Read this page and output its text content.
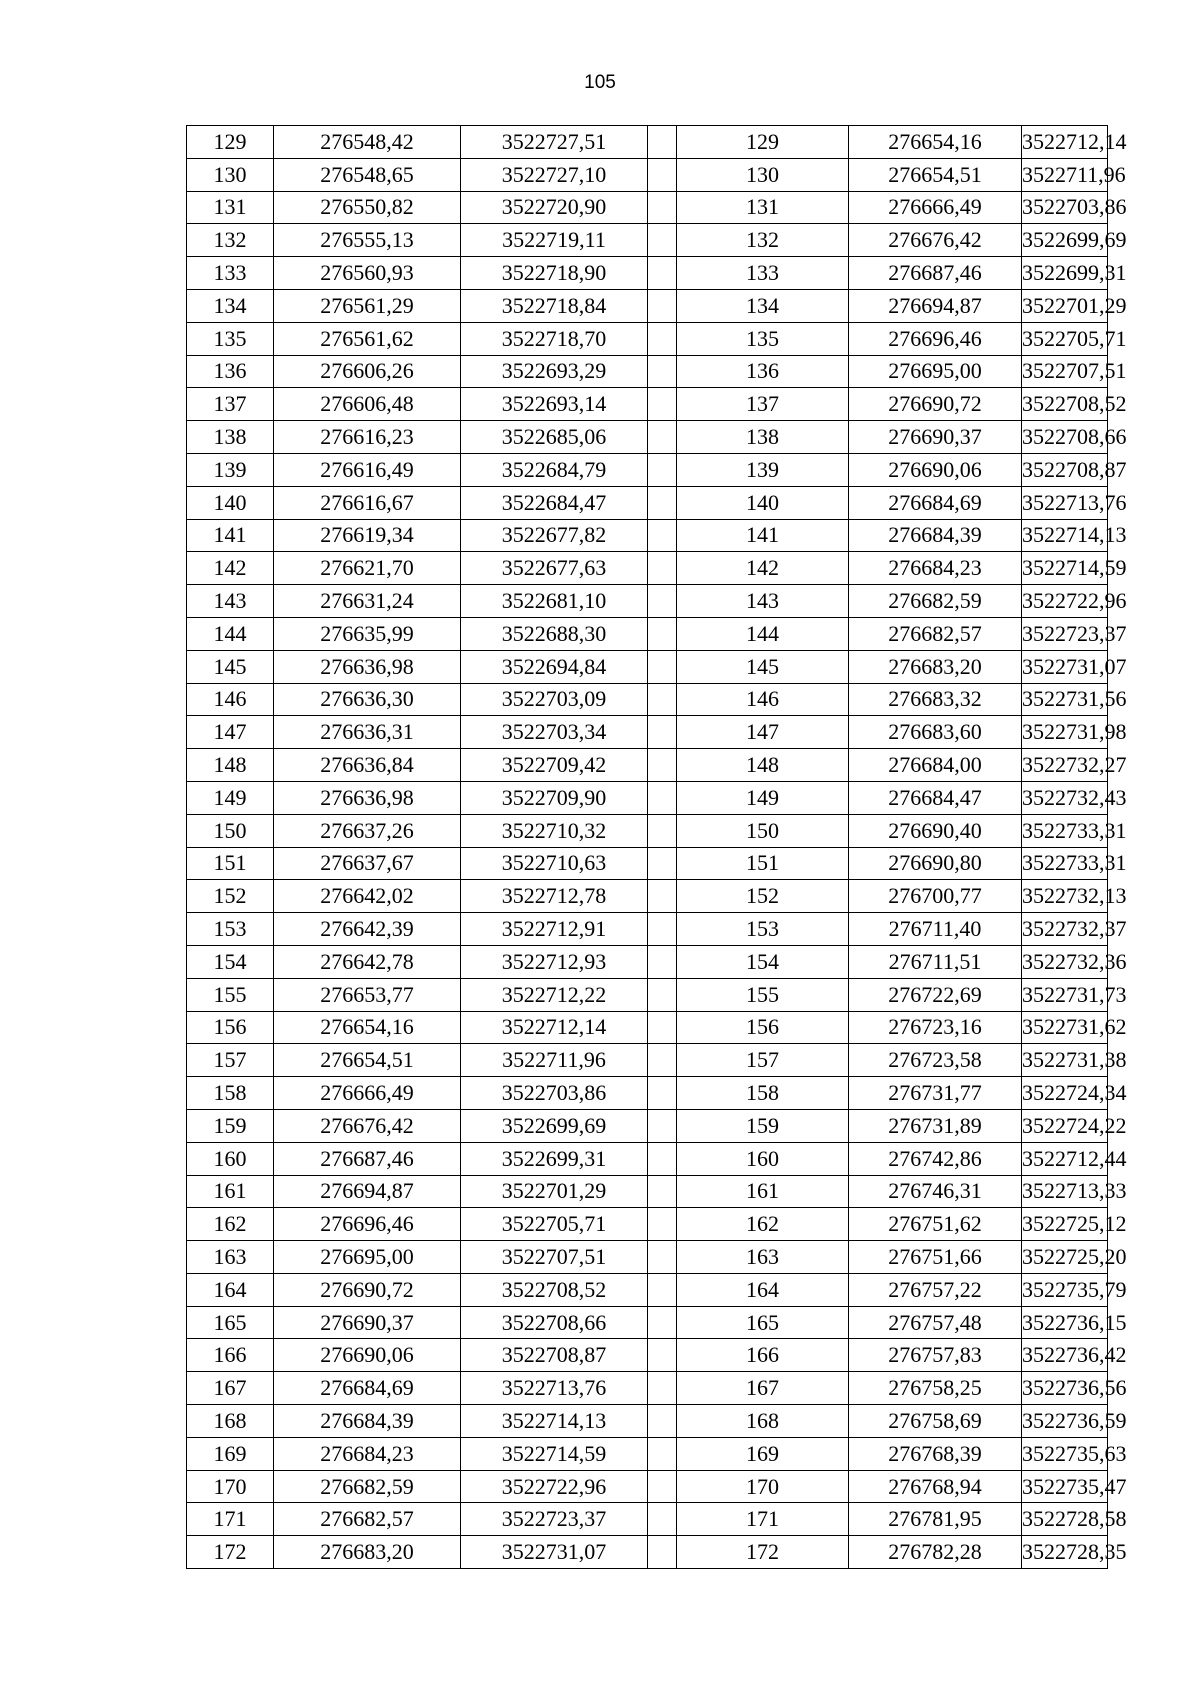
105
129	276548,42	3522727,51		129	276654,16	3522712,14
130	276548,65	3522727,10		130	276654,51	3522711,96
131	276550,82	3522720,90		131	276666,49	3522703,86
132	276555,13	3522719,11		132	276676,42	3522699,69
133	276560,93	3522718,90		133	276687,46	3522699,31
134	276561,29	3522718,84		134	276694,87	3522701,29
135	276561,62	3522718,70		135	276696,46	3522705,71
136	276606,26	3522693,29		136	276695,00	3522707,51
137	276606,48	3522693,14		137	276690,72	3522708,52
138	276616,23	3522685,06		138	276690,37	3522708,66
139	276616,49	3522684,79		139	276690,06	3522708,87
140	276616,67	3522684,47		140	276684,69	3522713,76
141	276619,34	3522677,82		141	276684,39	3522714,13
142	276621,70	3522677,63		142	276684,23	3522714,59
143	276631,24	3522681,10		143	276682,59	3522722,96
144	276635,99	3522688,30		144	276682,57	3522723,37
145	276636,98	3522694,84		145	276683,20	3522731,07
146	276636,30	3522703,09		146	276683,32	3522731,56
147	276636,31	3522703,34		147	276683,60	3522731,98
148	276636,84	3522709,42		148	276684,00	3522732,27
149	276636,98	3522709,90		149	276684,47	3522732,43
150	276637,26	3522710,32		150	276690,40	3522733,31
151	276637,67	3522710,63		151	276690,80	3522733,31
152	276642,02	3522712,78		152	276700,77	3522732,13
153	276642,39	3522712,91		153	276711,40	3522732,37
154	276642,78	3522712,93		154	276711,51	3522732,36
155	276653,77	3522712,22		155	276722,69	3522731,73
156	276654,16	3522712,14		156	276723,16	3522731,62
157	276654,51	3522711,96		157	276723,58	3522731,38
158	276666,49	3522703,86		158	276731,77	3522724,34
159	276676,42	3522699,69		159	276731,89	3522724,22
160	276687,46	3522699,31		160	276742,86	3522712,44
161	276694,87	3522701,29		161	276746,31	3522713,33
162	276696,46	3522705,71		162	276751,62	3522725,12
163	276695,00	3522707,51		163	276751,66	3522725,20
164	276690,72	3522708,52		164	276757,22	3522735,79
165	276690,37	3522708,66		165	276757,48	3522736,15
166	276690,06	3522708,87		166	276757,83	3522736,42
167	276684,69	3522713,76		167	276758,25	3522736,56
168	276684,39	3522714,13		168	276758,69	3522736,59
169	276684,23	3522714,59		169	276768,39	3522735,63
170	276682,59	3522722,96		170	276768,94	3522735,47
171	276682,57	3522723,37		171	276781,95	3522728,58
172	276683,20	3522731,07		172	276782,28	3522728,35
